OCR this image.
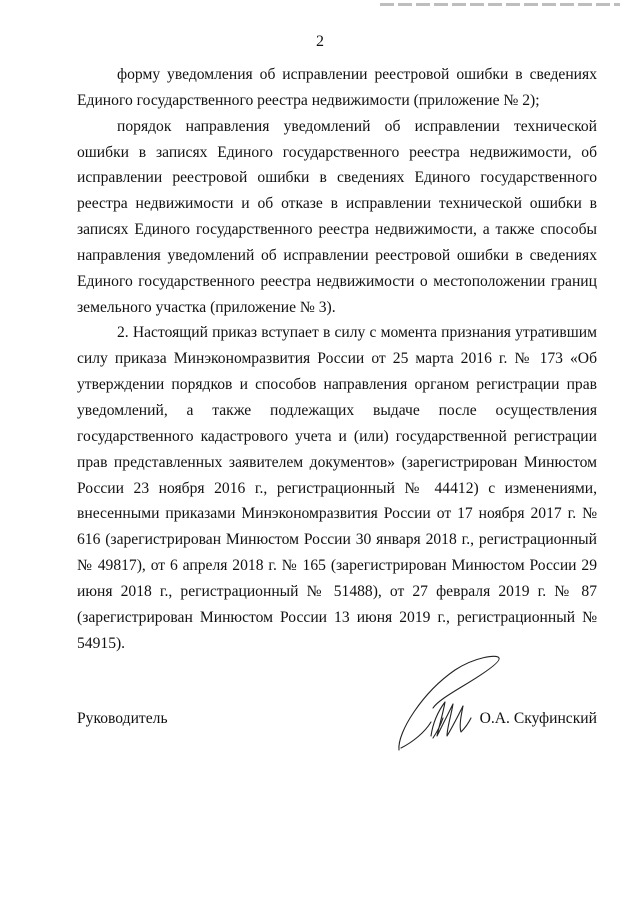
2

форму уведомления об исправлении реестровой ошибки в сведениях Единого государственного реестра недвижимости (приложение № 2);

порядок направления уведомлений об исправлении технической ошибки в записях Единого государственного реестра недвижимости, об исправлении реестровой ошибки в сведениях Единого государственного реестра недвижимости и об отказе в исправлении технической ошибки в записях Единого государственного реестра недвижимости, а также способы направления уведомлений об исправлении реестровой ошибки в сведениях Единого государственного реестра недвижимости о местоположении границ земельного участка (приложение № 3).

2. Настоящий приказ вступает в силу с момента признания утратившим силу приказа Минэкономразвития России от 25 марта 2016 г. № 173 «Об утверждении порядков и способов направления органом регистрации прав уведомлений, а также подлежащих выдаче после осуществления государственного кадастрового учета и (или) государственной регистрации прав представленных заявителем документов» (зарегистрирован Минюстом России 23 ноября 2016 г., регистрационный № 44412) с изменениями, внесенными приказами Минэкономразвития России от 17 ноября 2017 г. № 616 (зарегистрирован Минюстом России 30 января 2018 г., регистрационный № 49817), от 6 апреля 2018 г. № 165 (зарегистрирован Минюстом России 29 июня 2018 г., регистрационный № 51488), от 27 февраля 2019 г. № 87 (зарегистрирован Минюстом России 13 июня 2019 г., регистрационный № 54915).

Руководитель	О.А. Скуфинский
